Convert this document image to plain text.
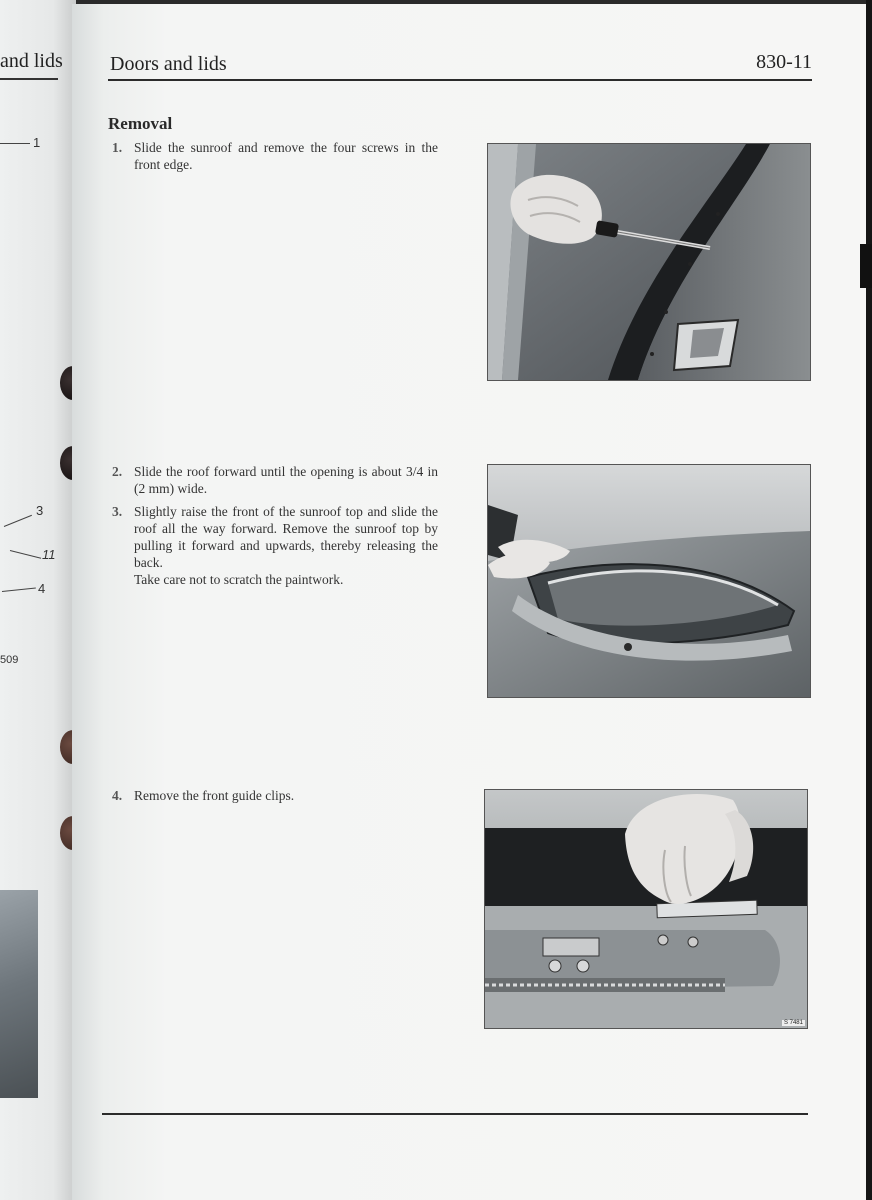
and lids
1
3
11
4
509
Doors and lids	830-11
Removal
1. Slide the sunroof and remove the four screws in the front edge.
2. Slide the roof forward until the opening is about 3/4 in (2 mm) wide.
3. Slightly raise the front of the sunroof top and slide the roof all the way forward. Remove the sunroof top by pulling it forward and upwards, thereby releasing the back.
Take care not to scratch the paintwork.
4. Remove the front guide clips.
S 7481
